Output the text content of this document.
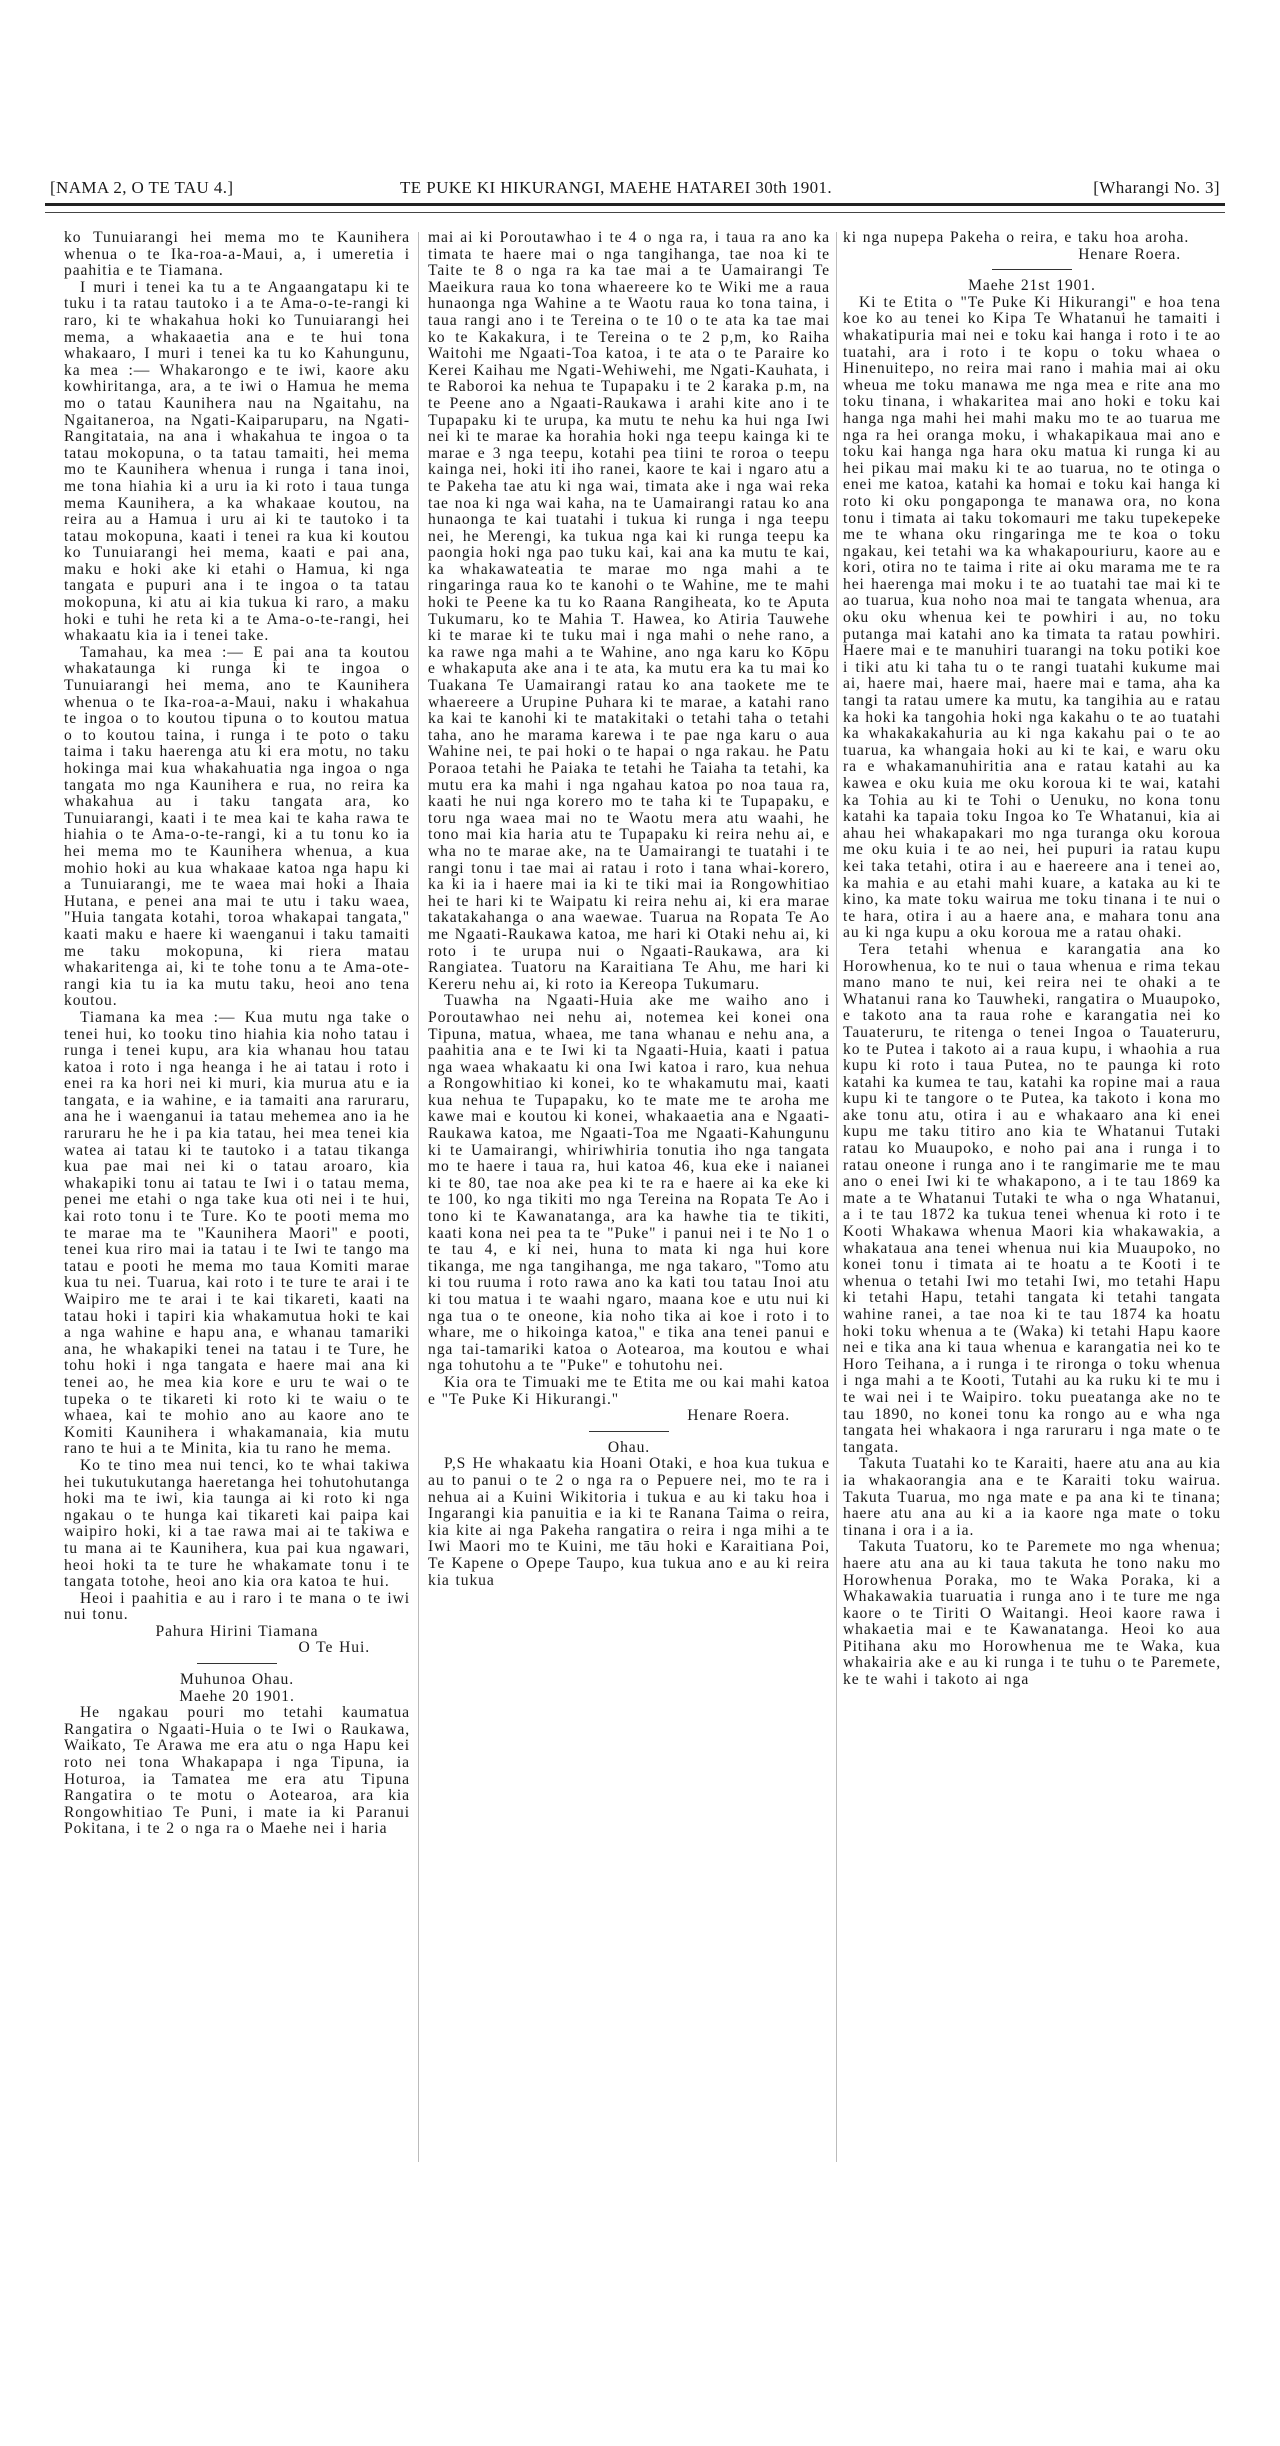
[NAMA 2, O TE TAU 4.]	TE PUKE KI HIKURANGI, MAEHE HATAREI 30th 1901.	[Wharangi No. 3]

ko Tunuiarangi hei mema mo te Kaunihera whenua o te Ika-roa-a-Maui, a, i umeretia i paahitia e te Tiamana.

I muri i tenei ka tu a te Angaangatapu ki te tuku i ta ratau tautoko i a te Ama-o-te-rangi ki raro, ki te whakahua hoki ko Tunuiarangi hei mema, a whakaaetia ana e te hui tona whakaaro, I muri i tenei ka tu ko Kahungunu, ka mea :— Whakarongo e te iwi, kaore aku kowhiritanga, ara, a te iwi o Hamua he mema mo o tatau Kaunihera nau na Ngaitahu, na Ngaitaneroa, na Ngati-Kaiparuparu, na Ngati-Rangitataia, na ana i whakahua te ingoa o ta tatau mokopuna, o ta tatau tamaiti, hei mema mo te Kaunihera whenua i runga i tana inoi, me tona hiahia ki a uru ia ki roto i taua tunga mema Kaunihera, a ka whakaae koutou, na reira au a Hamua i uru ai ki te tautoko i ta tatau mokopuna, kaati i tenei ra kua ki koutou ko Tunuiarangi hei mema, kaati e pai ana, maku e hoki ake ki etahi o Hamua, ki nga tangata e pupuri ana i te ingoa o ta tatau mokopuna, ki atu ai kia tukua ki raro, a maku hoki e tuhi he reta ki a te Ama-o-te-rangi, hei whakaatu kia ia i tenei take.

Tamahau, ka mea :— E pai ana ta koutou whakataunga ki runga ki te ingoa o Tunuiarangi hei mema, ano te Kaunihera whenua o te Ika-roa-a-Maui, naku i whakahua te ingoa o to koutou tipuna o to koutou matua o to koutou taina, i runga i te poto o taku taima i taku haerenga atu ki era motu, no taku hokinga mai kua whakahuatia nga ingoa o nga tangata mo nga Kaunihera e rua, no reira ka whakahua au i taku tangata ara, ko Tunuiarangi, kaati i te mea kai te kaha rawa te hiahia o te Ama-o-te-rangi, ki a tu tonu ko ia hei mema mo te Kaunihera whenua, a kua mohio hoki au kua whakaae katoa nga hapu ki a Tunuiarangi, me te waea mai hoki a Ihaia Hutana, e penei ana mai te utu i taku waea, "Huia tangata kotahi, toroa whakapai tangata," kaati maku e haere ki waenganui i taku tamaiti me taku mokopuna, ki riera matau whakaritenga ai, ki te tohe tonu a te Ama-ote-rangi kia tu ia ka mutu taku, heoi ano tena koutou.

Tiamana ka mea :— Kua mutu nga take o tenei hui, ko tooku tino hiahia kia noho tatau i runga i tenei kupu, ara kia whanau hou tatau katoa i roto i nga heanga i he ai tatau i roto i enei ra ka hori nei ki muri, kia murua atu e ia tangata, e ia wahine, e ia tamaiti ana raruraru, ana he i waenganui ia tatau mehemea ano ia he raruraru he he i pa kia tatau, hei mea tenei kia watea ai tatau ki te tautoko i a tatau tikanga kua pae mai nei ki o tatau aroaro, kia whakapiki tonu ai tatau te Iwi i o tatau mema, penei me etahi o nga take kua oti nei i te hui, kai roto tonu i te Ture. Ko te pooti mema mo te marae ma te "Kaunihera Maori" e pooti, tenei kua riro mai ia tatau i te Iwi te tango ma tatau e pooti he mema mo taua Komiti marae kua tu nei. Tuarua, kai roto i te ture te arai i te Waipiro me te arai i te kai tikareti, kaati na tatau hoki i tapiri kia whakamutua hoki te kai a nga wahine e hapu ana, e whanau tamariki ana, he whakapiki tenei na tatau i te Ture, he tohu hoki i nga tangata e haere mai ana ki tenei ao, he mea kia kore e uru te wai o te tupeka o te tikareti ki roto ki te waiu o te whaea, kai te mohio ano au kaore ano te Komiti Kaunihera i whakamanaia, kia mutu rano te hui a te Minita, kia tu rano he mema.

Ko te tino mea nui tenci, ko te whai takiwa hei tukutukutanga haeretanga hei tohutohutanga hoki ma te iwi, kia taunga ai ki roto ki nga ngakau o te hunga kai tikareti kai paipa kai waipiro hoki, ki a tae rawa mai ai te takiwa e tu mana ai te Kaunihera, kua pai kua ngawari, heoi hoki ta te ture he whakamate tonu i te tangata totohe, heoi ano kia ora katoa te hui.

Heoi i paahitia e au i raro i te mana o te iwi nui tonu.

Pahura Hirini Tiamana

O Te Hui.

Muhunoa Ohau.

Maehe 20 1901.

He ngakau pouri mo tetahi kaumatua Rangatira o Ngaati-Huia o te Iwi o Raukawa, Waikato, Te Arawa me era atu o nga Hapu kei roto nei tona Whakapapa i nga Tipuna, ia Hoturoa, ia Tamatea me era atu Tipuna Rangatira o te motu o Aotearoa, ara kia Rongowhitiao Te Puni, i mate ia ki Paranui Pokitana, i te 2 o nga ra o Maehe nei i haria

mai ai ki Poroutawhao i te 4 o nga ra, i taua ra ano ka timata te haere mai o nga tangihanga, tae noa ki te Taite te 8 o nga ra ka tae mai a te Uamairangi Te Maeikura raua ko tona whaereere ko te Wiki me a raua hunaonga nga Wahine a te Waotu raua ko tona taina, i taua rangi ano i te Tereina o te 10 o te ata ka tae mai ko te Kakakura, i te Tereina o te 2 p,m, ko Raiha Waitohi me Ngaati-Toa katoa, i te ata o te Paraire ko Kerei Kaihau me Ngati-Wehiwehi, me Ngati-Kauhata, i te Raboroi ka nehua te Tupapaku i te 2 karaka p.m, na te Peene ano a Ngaati-Raukawa i arahi kite ano i te Tupapaku ki te urupa, ka mutu te nehu ka hui nga Iwi nei ki te marae ka horahia hoki nga teepu kainga ki te marae e 3 nga teepu, kotahi pea tiini te roroa o teepu kainga nei, hoki iti iho ranei, kaore te kai i ngaro atu a te Pakeha tae atu ki nga wai, timata ake i nga wai reka tae noa ki nga wai kaha, na te Uamairangi ratau ko ana hunaonga te kai tuatahi i tukua ki runga i nga teepu nei, he Merengi, ka tukua nga kai ki runga teepu ka paongia hoki nga pao tuku kai, kai ana ka mutu te kai, ka whakawateatia te marae mo nga mahi a te ringaringa raua ko te kanohi o te Wahine, me te mahi hoki te Peene ka tu ko Raana Rangiheata, ko te Aputa Tukumaru, ko te Mahia T. Hawea, ko Atiria Tauwehe ki te marae ki te tuku mai i nga mahi o nehe rano, a ka rawe nga mahi a te Wahine, ano nga karu ko Kōpu e whakaputa ake ana i te ata, ka mutu era ka tu mai ko Tuakana Te Uamairangi ratau ko ana taokete me te whaereere a Urupine Puhara ki te marae, a katahi rano ka kai te kanohi ki te matakitaki o tetahi taha o tetahi taha, ano he marama karewa i te pae nga karu o aua Wahine nei, te pai hoki o te hapai o nga rakau. he Patu Poraoa tetahi he Paiaka te tetahi he Taiaha ta tetahi, ka mutu era ka mahi i nga ngahau katoa po noa taua ra, kaati he nui nga korero mo te taha ki te Tupapaku, e toru nga waea mai no te Waotu mera atu waahi, he tono mai kia haria atu te Tupapaku ki reira nehu ai, e wha no te marae ake, na te Uamairangi te tuatahi i te rangi tonu i tae mai ai ratau i roto i tana whai-korero, ka ki ia i haere mai ia ki te tiki mai ia Rongowhitiao hei te hari ki te Waipatu ki reira nehu ai, ki era marae takatakahanga o ana waewae. Tuarua na Ropata Te Ao me Ngaati-Raukawa katoa, me hari ki Otaki nehu ai, ki roto i te urupa nui o Ngaati-Raukawa, ara ki Rangiatea. Tuatoru na Karaitiana Te Ahu, me hari ki Kereru nehu ai, ki roto ia Kereopa Tukumaru.

Tuawha na Ngaati-Huia ake me waiho ano i Poroutawhao nei nehu ai, notemea kei konei ona Tipuna, matua, whaea, me tana whanau e nehu ana, a paahitia ana e te Iwi ki ta Ngaati-Huia, kaati i patua nga waea whakaatu ki ona Iwi katoa i raro, kua nehua a Rongowhitiao ki konei, ko te whakamutu mai, kaati kua nehua te Tupapaku, ko te mate me te aroha me kawe mai e koutou ki konei, whakaaetia ana e Ngaati-Raukawa katoa, me Ngaati-Toa me Ngaati-Kahungunu ki te Uamairangi, whiriwhiria tonutia iho nga tangata mo te haere i taua ra, hui katoa 46, kua eke i naianei ki te 80, tae noa ake pea ki te ra e haere ai ka eke ki te 100, ko nga tikiti mo nga Tereina na Ropata Te Ao i tono ki te Kawanatanga, ara ka hawhe tia te tikiti, kaati kona nei pea ta te "Puke" i panui nei i te No 1 o te tau 4, e ki nei, huna to mata ki nga hui kore tikanga, me nga tangihanga, me nga takaro, "Tomo atu ki tou ruuma i roto rawa ano ka kati tou tatau Inoi atu ki tou matua i te waahi ngaro, maana koe e utu nui ki nga tua o te oneone, kia noho tika ai koe i roto i to whare, me o hikoinga katoa," e tika ana tenei panui e nga tai-tamariki katoa o Aotearoa, ma koutou e whai nga tohutohu a te "Puke" e tohutohu nei.

Kia ora te Timuaki me te Etita me ou kai mahi katoa e "Te Puke Ki Hikurangi."

Henare Roera.

Ohau.

P,S He whakaatu kia Hoani Otaki, e hoa kua tukua e au to panui o te 2 o nga ra o Pepuere nei, mo te ra i nehua ai a Kuini Wikitoria i tukua e au ki taku hoa i Ingarangi kia panuitia e ia ki te Ranana Taima o reira, kia kite ai nga Pakeha rangatira o reira i nga mihi a te Iwi Maori mo te Kuini, me tāu hoki e Karaitiana Poi, Te Kapene o Opepe Taupo, kua tukua ano e au ki reira kia tukua

ki nga nupepa Pakeha o reira, e taku hoa aroha.

Henare Roera.

Maehe 21st 1901.

Ki te Etita o "Te Puke Ki Hikurangi" e hoa tena koe ko au tenei ko Kipa Te Whatanui he tamaiti i whakatipuria mai nei e toku kai hanga i roto i te ao tuatahi, ara i roto i te kopu o toku whaea o Hinenuitepo, no reira mai rano i mahia mai ai oku wheua me toku manawa me nga mea e rite ana mo toku tinana, i whakaritea mai ano hoki e toku kai hanga nga mahi hei mahi maku mo te ao tuarua me nga ra hei oranga moku, i whakapikaua mai ano e toku kai hanga nga hara oku matua ki runga ki au hei pikau mai maku ki te ao tuarua, no te otinga o enei me katoa, katahi ka homai e toku kai hanga ki roto ki oku pongaponga te manawa ora, no kona tonu i timata ai taku tokomauri me taku tupekepeke me te whana oku ringaringa me te koa o toku ngakau, kei tetahi wa ka whakapouriuru, kaore au e kori, otira no te taima i rite ai oku marama me te ra hei haerenga mai moku i te ao tuatahi tae mai ki te ao tuarua, kua noho noa mai te tangata whenua, ara oku oku whenua kei te powhiri i au, no toku putanga mai katahi ano ka timata ta ratau powhiri. Haere mai e te manuhiri tuarangi na toku potiki koe i tiki atu ki taha tu o te rangi tuatahi kukume mai ai, haere mai, haere mai, haere mai e tama, aha ka tangi ta ratau umere ka mutu, ka tangihia au e ratau ka hoki ka tangohia hoki nga kakahu o te ao tuatahi ka whakakakahuria au ki nga kakahu pai o te ao tuarua, ka whangaia hoki au ki te kai, e waru oku ra e whakamanuhiritia ana e ratau katahi au ka kawea e oku kuia me oku koroua ki te wai, katahi ka Tohia au ki te Tohi o Uenuku, no kona tonu katahi ka tapaia toku Ingoa ko Te Whatanui, kia ai ahau hei whakapakari mo nga turanga oku koroua me oku kuia i te ao nei, hei pupuri ia ratau kupu kei taka tetahi, otira i au e haereere ana i tenei ao, ka mahia e au etahi mahi kuare, a kataka au ki te kino, ka mate toku wairua me toku tinana i te nui o te hara, otira i au a haere ana, e mahara tonu ana au ki nga kupu a oku koroua me a ratau ohaki.

Tera tetahi whenua e karangatia ana ko Horowhenua, ko te nui o taua whenua e rima tekau mano mano te nui, kei reira nei te ohaki a te Whatanui rana ko Tauwheki, rangatira o Muaupoko, e takoto ana ta raua rohe e karangatia nei ko Tauateruru, te ritenga o tenei Ingoa o Tauateruru, ko te Putea i takoto ai a raua kupu, i whaohia a rua kupu ki roto i taua Putea, no te paunga ki roto katahi ka kumea te tau, katahi ka ropine mai a raua kupu ki te tangore o te Putea, ka takoto i kona mo ake tonu atu, otira i au e whakaaro ana ki enei kupu me taku titiro ano kia te Whatanui Tutaki ratau ko Muaupoko, e noho pai ana i runga i to ratau oneone i runga ano i te rangimarie me te mau ano o enei Iwi ki te whakapono, a i te tau 1869 ka mate a te Whatanui Tutaki te wha o nga Whatanui, a i te tau 1872 ka tukua tenei whenua ki roto i te Kooti Whakawa whenua Maori kia whakawakia, a whakataua ana tenei whenua nui kia Muaupoko, no konei tonu i timata ai te hoatu a te Kooti i te whenua o tetahi Iwi mo tetahi Iwi, mo tetahi Hapu ki tetahi Hapu, tetahi tangata ki tetahi tangata wahine ranei, a tae noa ki te tau 1874 ka hoatu hoki toku whenua a te (Waka) ki tetahi Hapu kaore nei e tika ana ki taua whenua e karangatia nei ko te Horo Teihana, a i runga i te rironga o toku whenua i nga mahi a te Kooti, Tutahi au ka ruku ki te mu i te wai nei i te Waipiro. toku pueatanga ake no te tau 1890, no konei tonu ka rongo au e wha nga tangata hei whakaora i nga raruraru i nga mate o te tangata.

Takuta Tuatahi ko te Karaiti, haere atu ana au kia ia whakaorangia ana e te Karaiti toku wairua. Takuta Tuarua, mo nga mate e pa ana ki te tinana; haere atu ana au ki a ia kaore nga mate o toku tinana i ora i a ia.

Takuta Tuatoru, ko te Paremete mo nga whenua; haere atu ana au ki taua takuta he tono naku mo Horowhenua Poraka, mo te Waka Poraka, ki a Whakawakia tuaruatia i runga ano i te ture me nga kaore o te Tiriti O Waitangi. Heoi kaore rawa i whakaetia mai e te Kawanatanga. Heoi ko aua Pitihana aku mo Horowhenua me te Waka, kua whakairia ake e au ki runga i te tuhu o te Paremete, ke te wahi i takoto ai nga
